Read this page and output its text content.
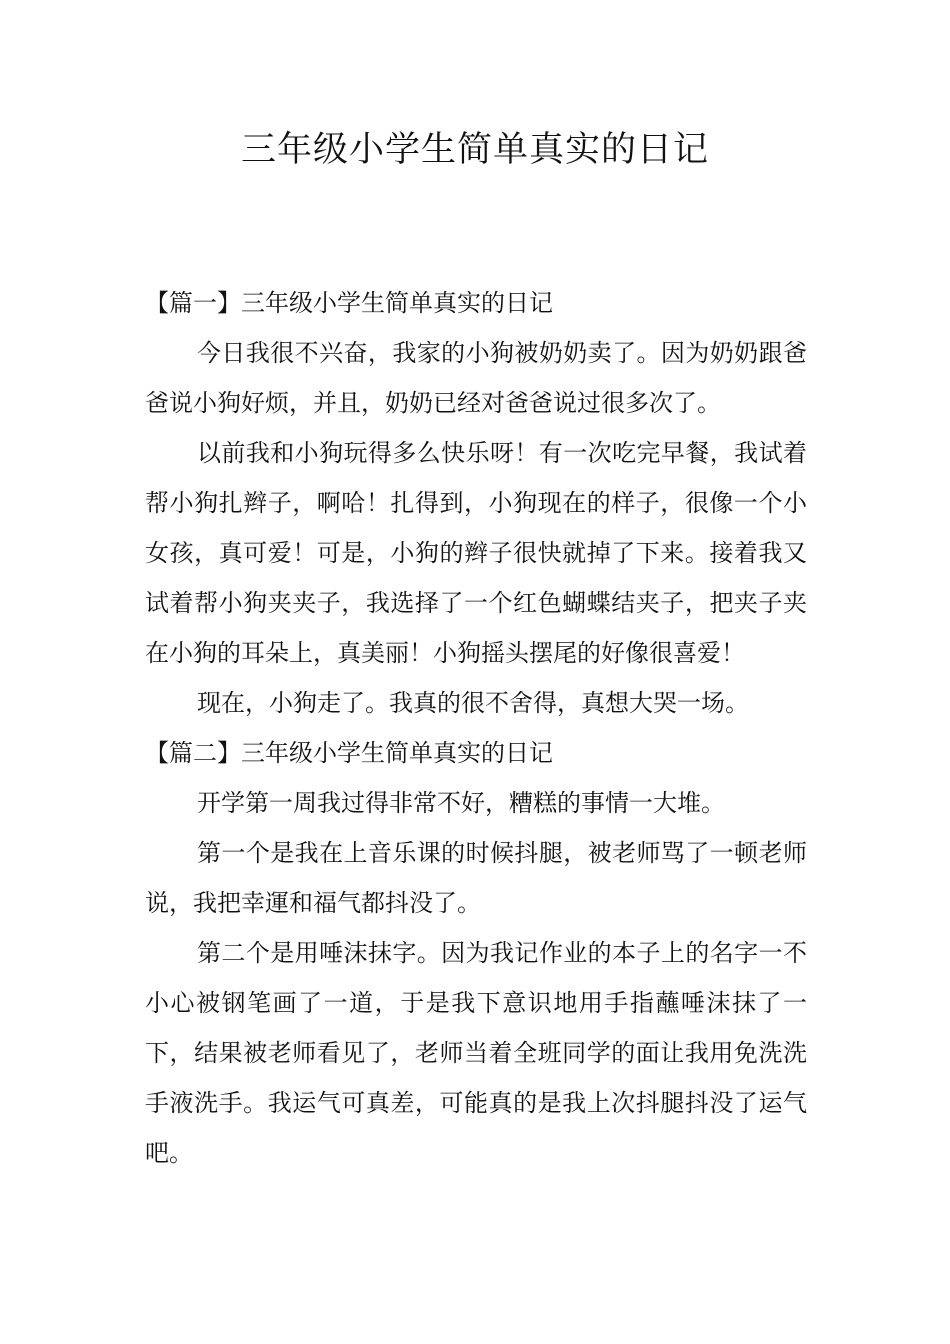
三年级小学生简单真实的日记

【篇一】三年级小学生简单真实的日记

今日我很不兴奋，我家的小狗被奶奶卖了。因为奶奶跟爸爸说小狗好烦，并且，奶奶已经对爸爸说过很多次了。

以前我和小狗玩得多么快乐呀！有一次吃完早餐，我试着帮小狗扎辫子，啊哈！扎得到，小狗现在的样子，很像一个小女孩，真可爱！可是，小狗的辫子很快就掉了下来。接着我又试着帮小狗夹夹子，我选择了一个红色蝴蝶结夹子，把夹子夹在小狗的耳朵上，真美丽！小狗摇头摆尾的好像很喜爱！

现在，小狗走了。我真的很不舍得，真想大哭一场。

【篇二】三年级小学生简单真实的日记

开学第一周我过得非常不好，糟糕的事情一大堆。

第一个是我在上音乐课的时候抖腿，被老师骂了一顿老师说，我把幸運和福气都抖没了。

第二个是用唾沫抹字。因为我记作业的本子上的名字一不小心被钢笔画了一道，于是我下意识地用手指蘸唾沫抹了一下，结果被老师看见了，老师当着全班同学的面让我用免洗洗手液洗手。我运气可真差，可能真的是我上次抖腿抖没了运气吧。
